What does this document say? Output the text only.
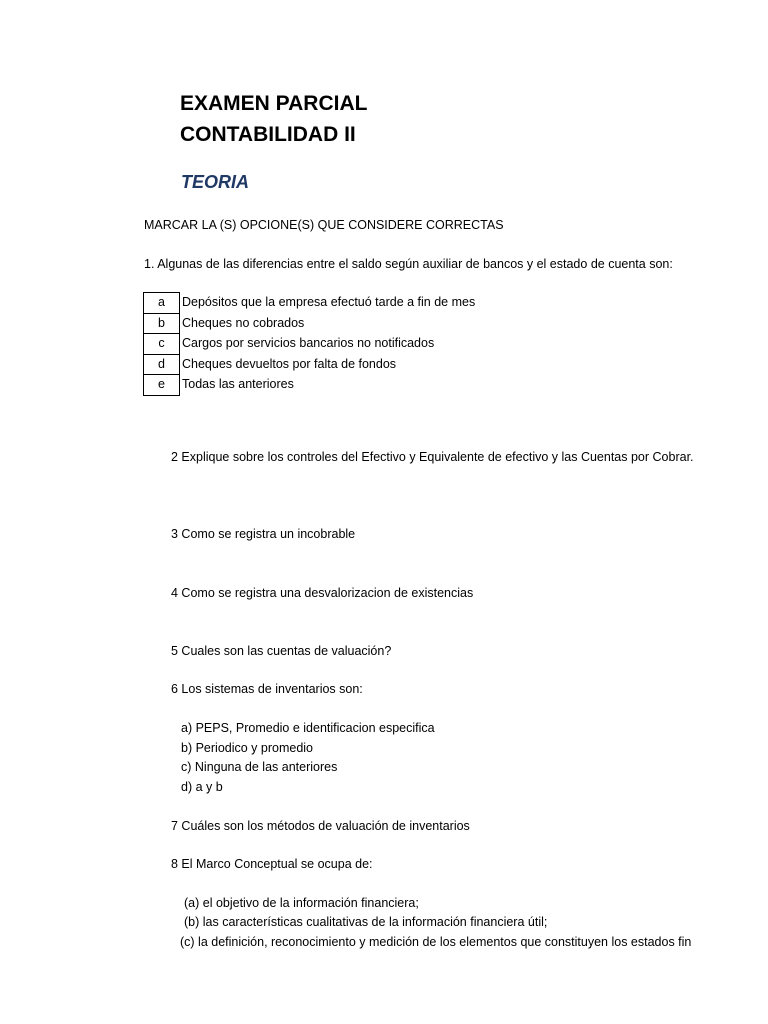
EXAMEN PARCIAL
CONTABILIDAD II
TEORIA
MARCAR LA (S) OPCIONE(S) QUE CONSIDERE CORRECTAS
1. Algunas de las diferencias entre el saldo según auxiliar de bancos y el estado de cuenta son:
a	Depósitos que la empresa efectuó tarde a fin de mes
b	Cheques no cobrados
c	Cargos por servicios bancarios no notificados
d	Cheques devueltos por falta de fondos
e	Todas las anteriores
2 Explique sobre los controles del Efectivo y Equivalente de efectivo y las Cuentas por Cobrar.
3 Como se registra un incobrable
4 Como se registra una desvalorizacion de existencias
5 Cuales son las cuentas de valuación?
6 Los sistemas de inventarios son:
a) PEPS, Promedio e identificacion especifica
b) Periodico y promedio
c) Ninguna de las anteriores
d) a y b
7 Cuáles son los métodos de valuación de inventarios
8 El Marco Conceptual se ocupa de:
(a) el objetivo de la información financiera;
(b) las características cualitativas de la información financiera útil;
(c) la definición, reconocimiento y medición de los elementos que constituyen los estados fin
